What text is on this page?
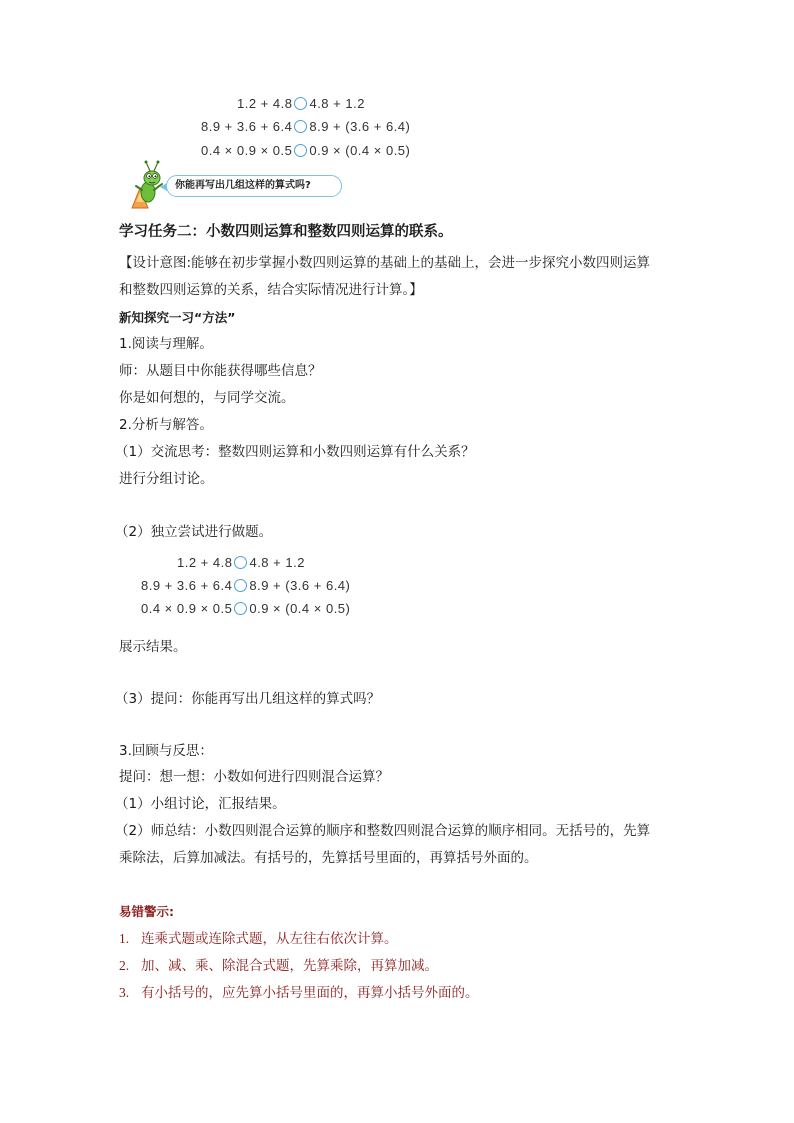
1.2 + 4.8 4.8 + 1.2
8.9 + 3.6 + 6.4 8.9 + (3.6 + 6.4)
0.4 × 0.9 × 0.5 0.9 × (0.4 × 0.5)
你能再写出几组这样的算式吗?
学习任务二：小数四则运算和整数四则运算的联系。
【设计意图:能够在初步掌握小数四则运算的基础上的基础上，会进一步探究小数四则运算
和整数四则运算的关系，结合实际情况进行计算。】
新知探究一习“方法”
1.阅读与理解。
师：从题目中你能获得哪些信息？
你是如何想的，与同学交流。
2.分析与解答。
（1）交流思考：整数四则运算和小数四则运算有什么关系？
进行分组讨论。
（2）独立尝试进行做题。
1.2 + 4.8 4.8 + 1.2
8.9 + 3.6 + 6.4 8.9 + (3.6 + 6.4)
0.4 × 0.9 × 0.5 0.9 × (0.4 × 0.5)
展示结果。
（3）提问：你能再写出几组这样的算式吗？
3.回顾与反思：
提问：想一想：小数如何进行四则混合运算？
（1）小组讨论，汇报结果。
（2）师总结：小数四则混合运算的顺序和整数四则混合运算的顺序相同。无括号的，先算
乘除法，后算加减法。有括号的，先算括号里面的，再算括号外面的。
易错警示:
1. 连乘式题或连除式题，从左往右依次计算。
2. 加、减、乘、除混合式题，先算乘除，再算加减。
3. 有小括号的，应先算小括号里面的，再算小括号外面的。
